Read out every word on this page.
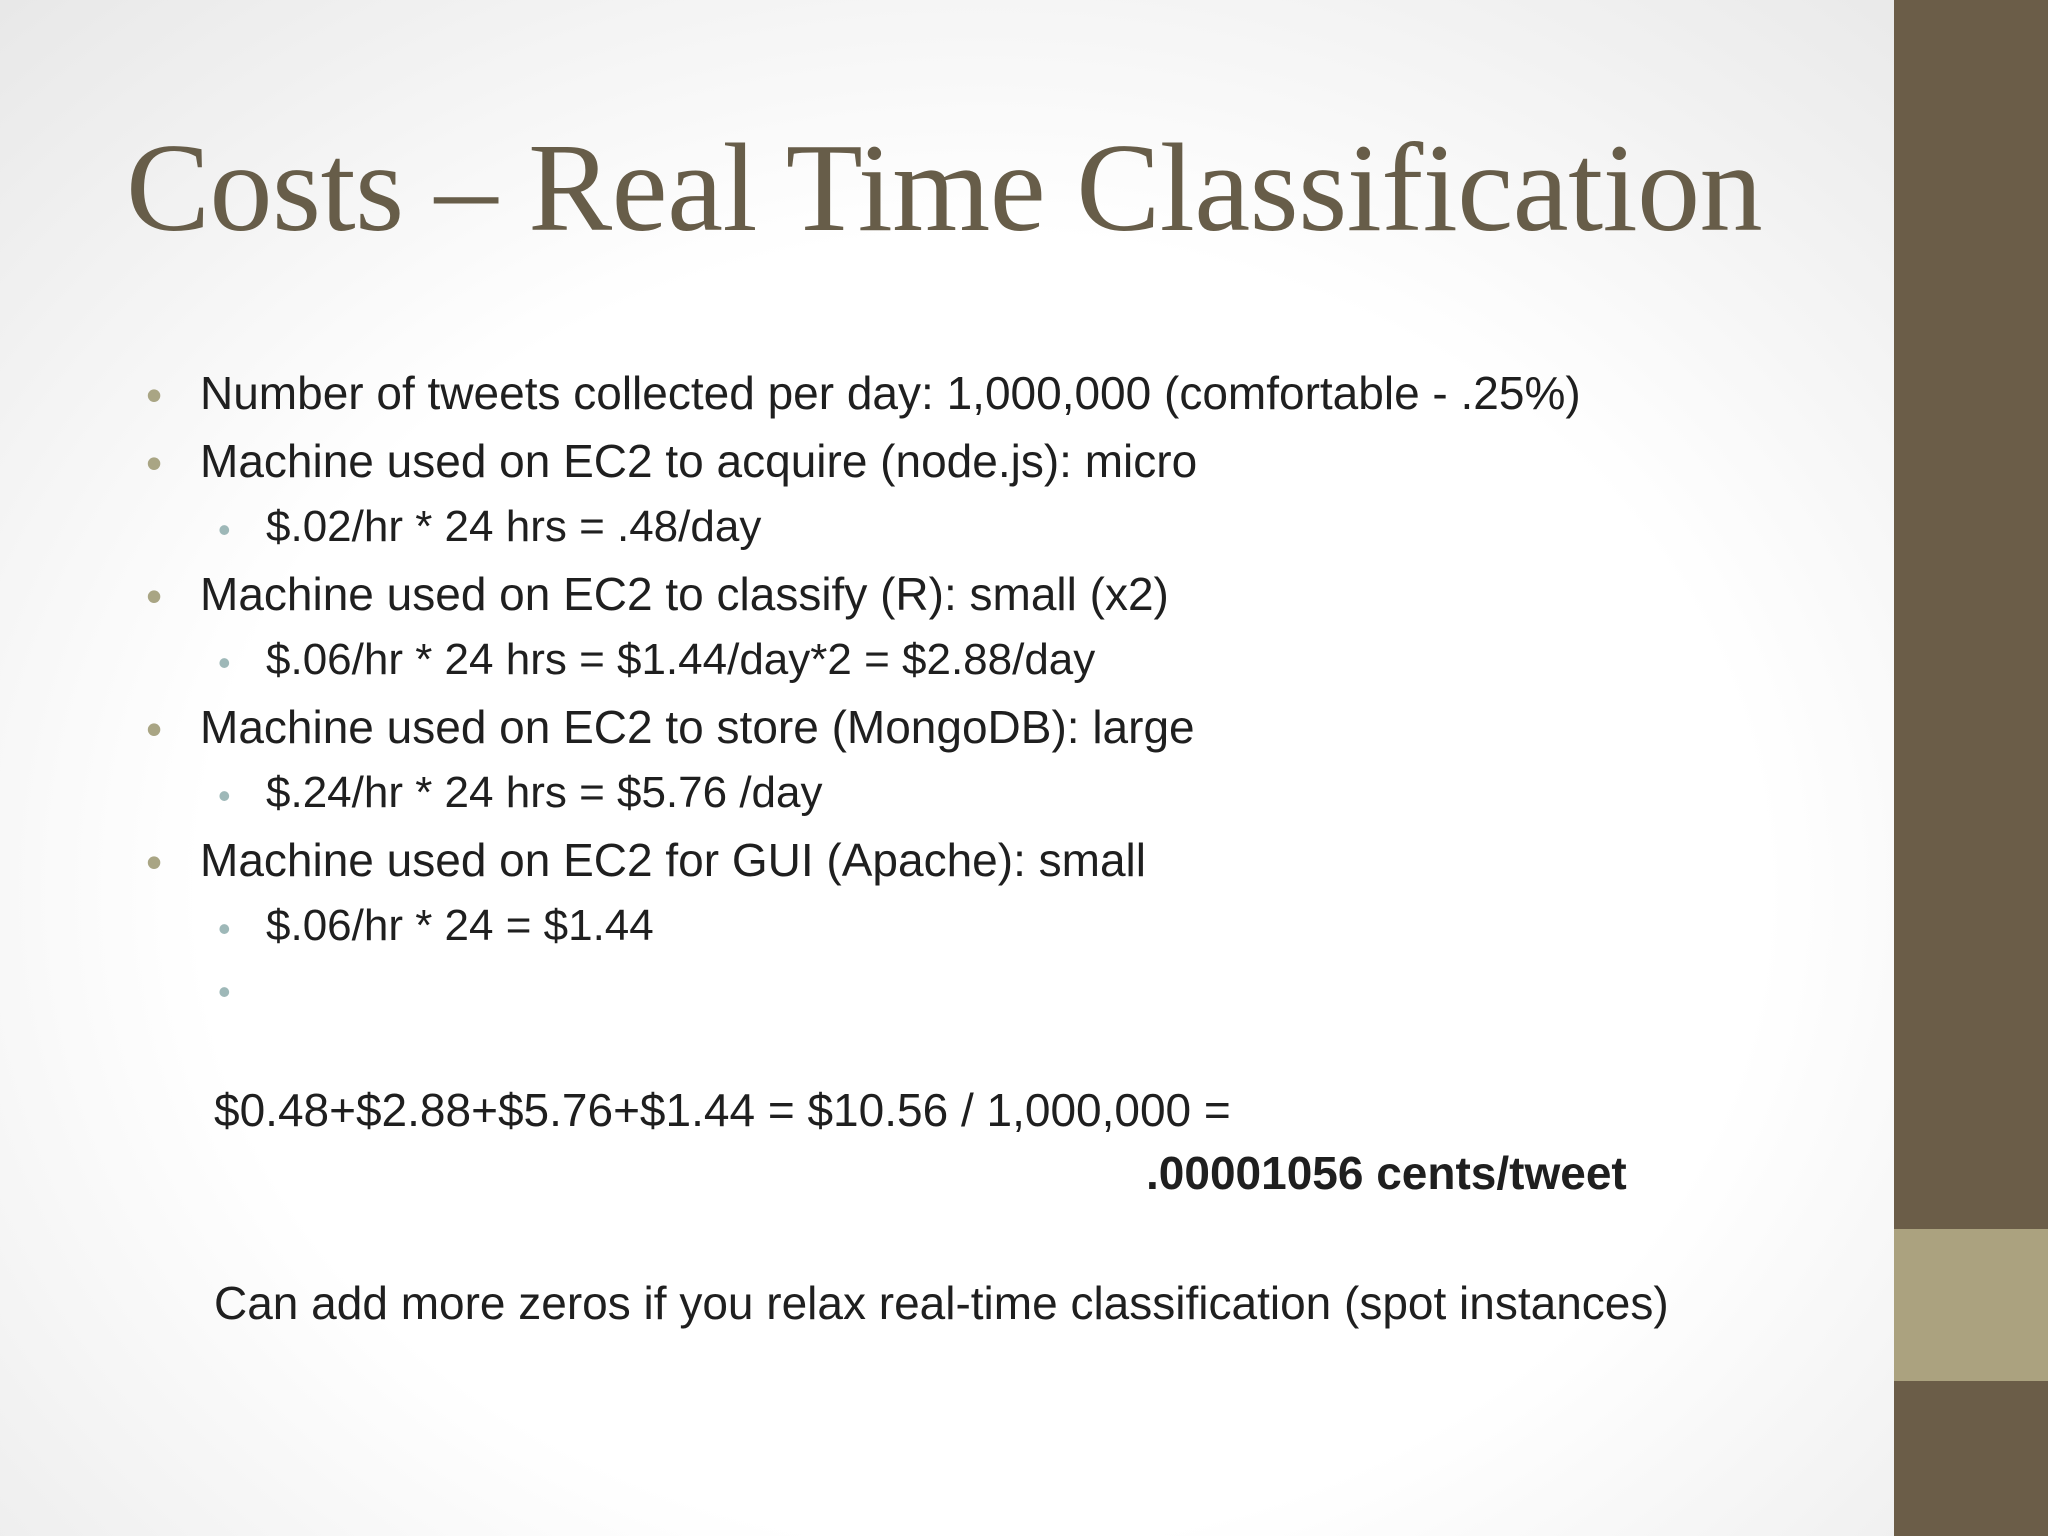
Costs – Real Time Classification
• Number of tweets collected per day: 1,000,000 (comfortable - .25%)
• Machine used on EC2 to acquire (node.js): micro
• $.02/hr * 24 hrs = .48/day
• Machine used on EC2 to classify (R): small (x2)
• $.06/hr * 24 hrs = $1.44/day*2 = $2.88/day
• Machine used on EC2 to store (MongoDB): large
• $.24/hr * 24 hrs = $5.76 /day
• Machine used on EC2 for GUI (Apache): small
• $.06/hr * 24 = $1.44
•
$0.48+$2.88+$5.76+$1.44 = $10.56 / 1,000,000 =
.00001056 cents/tweet
Can add more zeros if you relax real-time classification (spot instances)
